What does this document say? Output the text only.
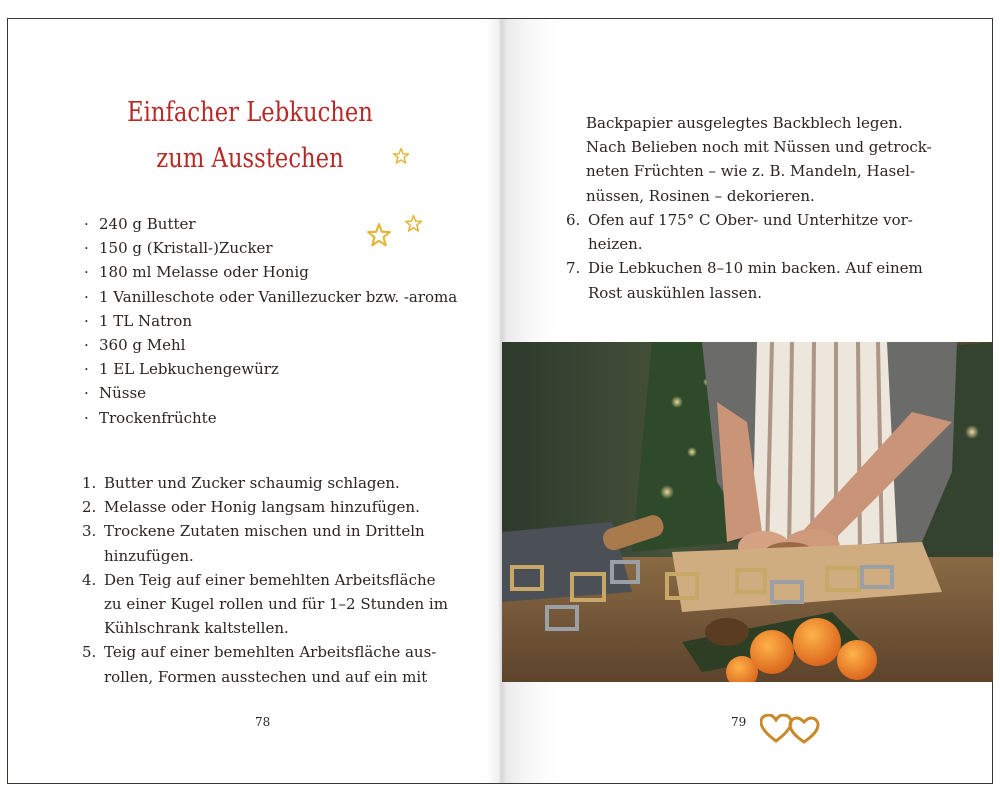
Einfacher Lebkuchen
zum Ausstechen
· 240 g Butter
· 150 g (Kristall-)Zucker
· 180 ml Melasse oder Honig
· 1 Vanilleschote oder Vanillezucker bzw. -aroma
· 1 TL Natron
· 360 g Mehl
· 1 EL Lebkuchengewürz
· Nüsse
· Trockenfrüchte
1. Butter und Zucker schaumig schlagen.
2. Melasse oder Honig langsam hinzufügen.
3. Trockene Zutaten mischen und in Dritteln
hinzufügen.
4. Den Teig auf einer bemehlten Arbeitsfläche
zu einer Kugel rollen und für 1–2 Stunden im
Kühlschrank kaltstellen.
5. Teig auf einer bemehlten Arbeitsfläche aus-
rollen, Formen ausstechen und auf ein mit
78
Backpapier ausgelegtes Backblech legen.
Nach Belieben noch mit Nüssen und getrock-
neten Früchten – wie z. B. Mandeln, Hasel-
nüssen, Rosinen – dekorieren.
6. Ofen auf 175° C Ober- und Unterhitze vor-
heizen.
7. Die Lebkuchen 8–10 min backen. Auf einem
Rost auskühlen lassen.
79
